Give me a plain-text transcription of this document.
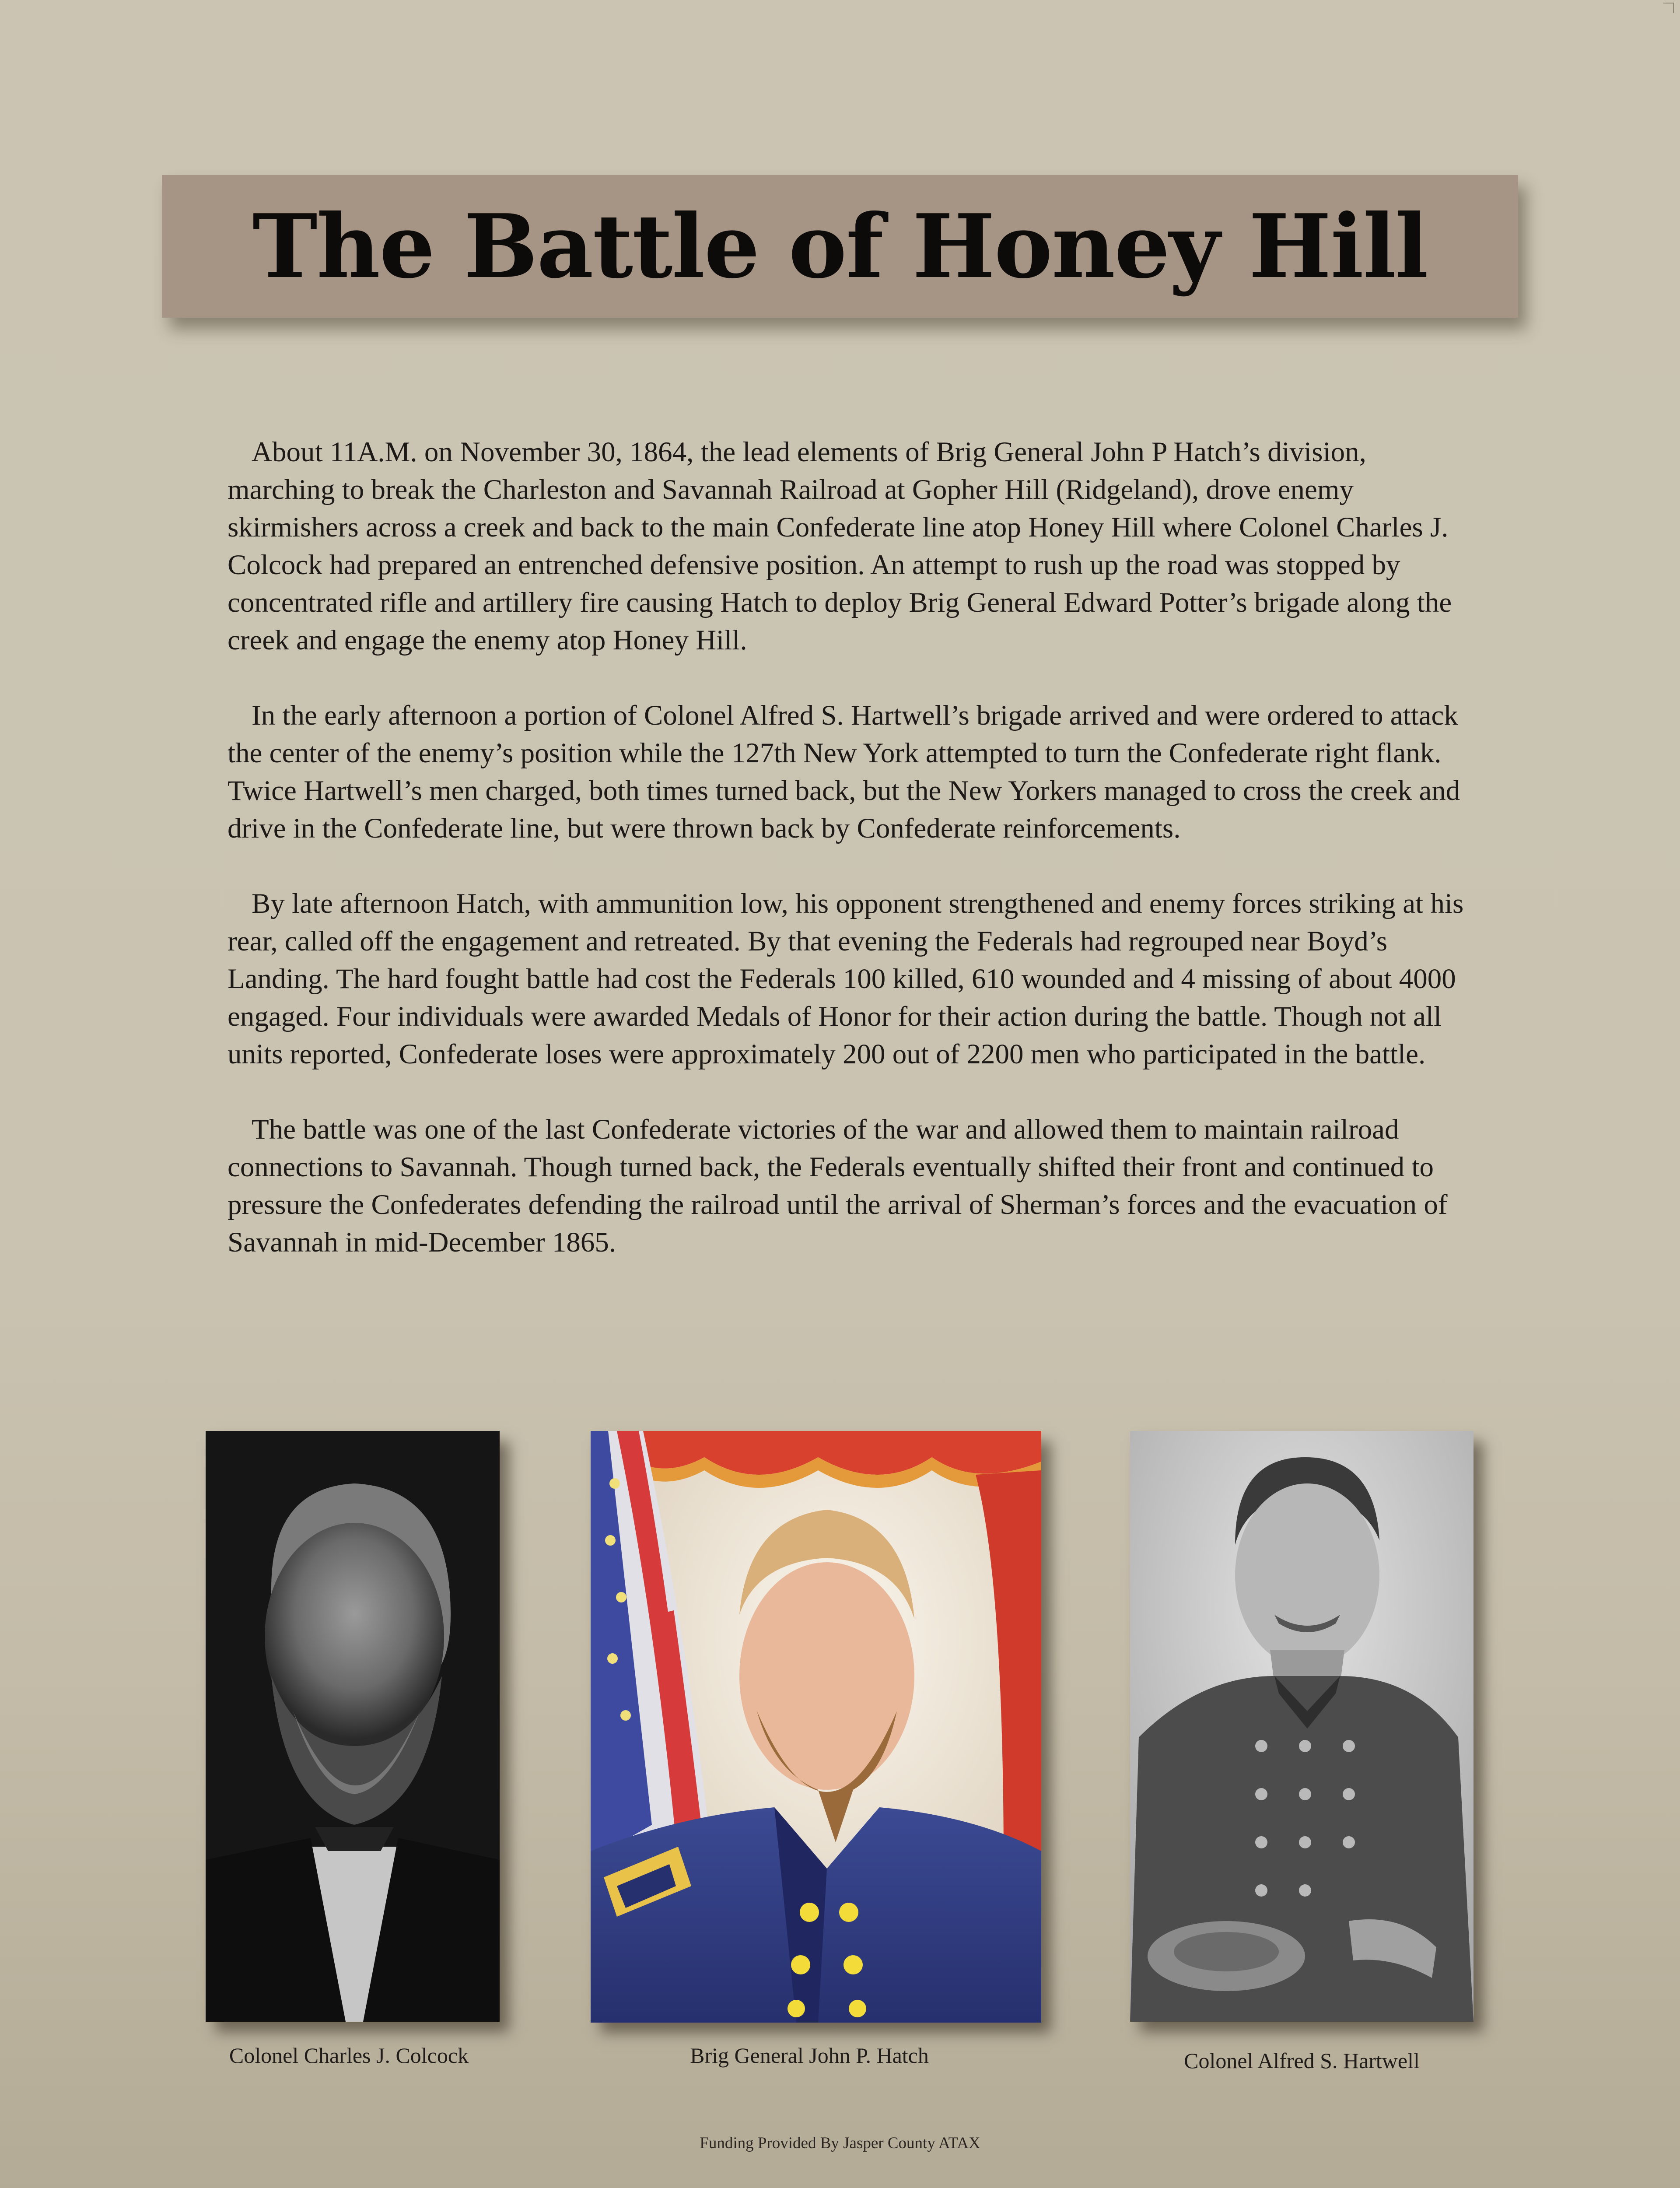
The Battle of Honey Hill

About 11A.M. on November 30, 1864, the lead elements of Brig General John P Hatch’s division, marching to break the Charleston and Savannah Railroad at Gopher Hill (Ridgeland), drove enemy skirmishers across a creek and back to the main Confederate line atop Honey Hill where Colonel Charles J. Colcock had prepared an entrenched defensive position. An attempt to rush up the road was stopped by concentrated rifle and artillery fire causing Hatch to deploy Brig General Edward Potter’s brigade along the creek and engage the enemy atop Honey Hill.

In the early afternoon a portion of Colonel Alfred S. Hartwell’s brigade arrived and were ordered to attack the center of the enemy’s position while the 127th New York attempted to turn the Confederate right flank. Twice Hartwell’s men charged, both times turned back, but the New Yorkers managed to cross the creek and drive in the Confederate line, but were thrown back by Confederate reinforcements.

By late afternoon Hatch, with ammunition low, his opponent strengthened and enemy forces striking at his rear, called off the engagement and retreated. By that evening the Federals had regrouped near Boyd’s Landing. The hard fought battle had cost the Federals 100 killed, 610 wounded and 4 missing of about 4000 engaged. Four individuals were awarded Medals of Honor for their action during the battle. Though not all units reported, Confederate loses were approximately 200 out of 2200 men who participated in the battle.

The battle was one of the last Confederate victories of the war and allowed them to maintain railroad connections to Savannah. Though turned back, the Federals eventually shifted their front and continued to pressure the Confederates defending the railroad until the arrival of Sherman’s forces and the evacuation of Savannah in mid-December 1865.

Colonel Charles J. Colcock	Brig General John P. Hatch	Colonel Alfred S. Hartwell
Funding Provided By Jasper County ATAX
